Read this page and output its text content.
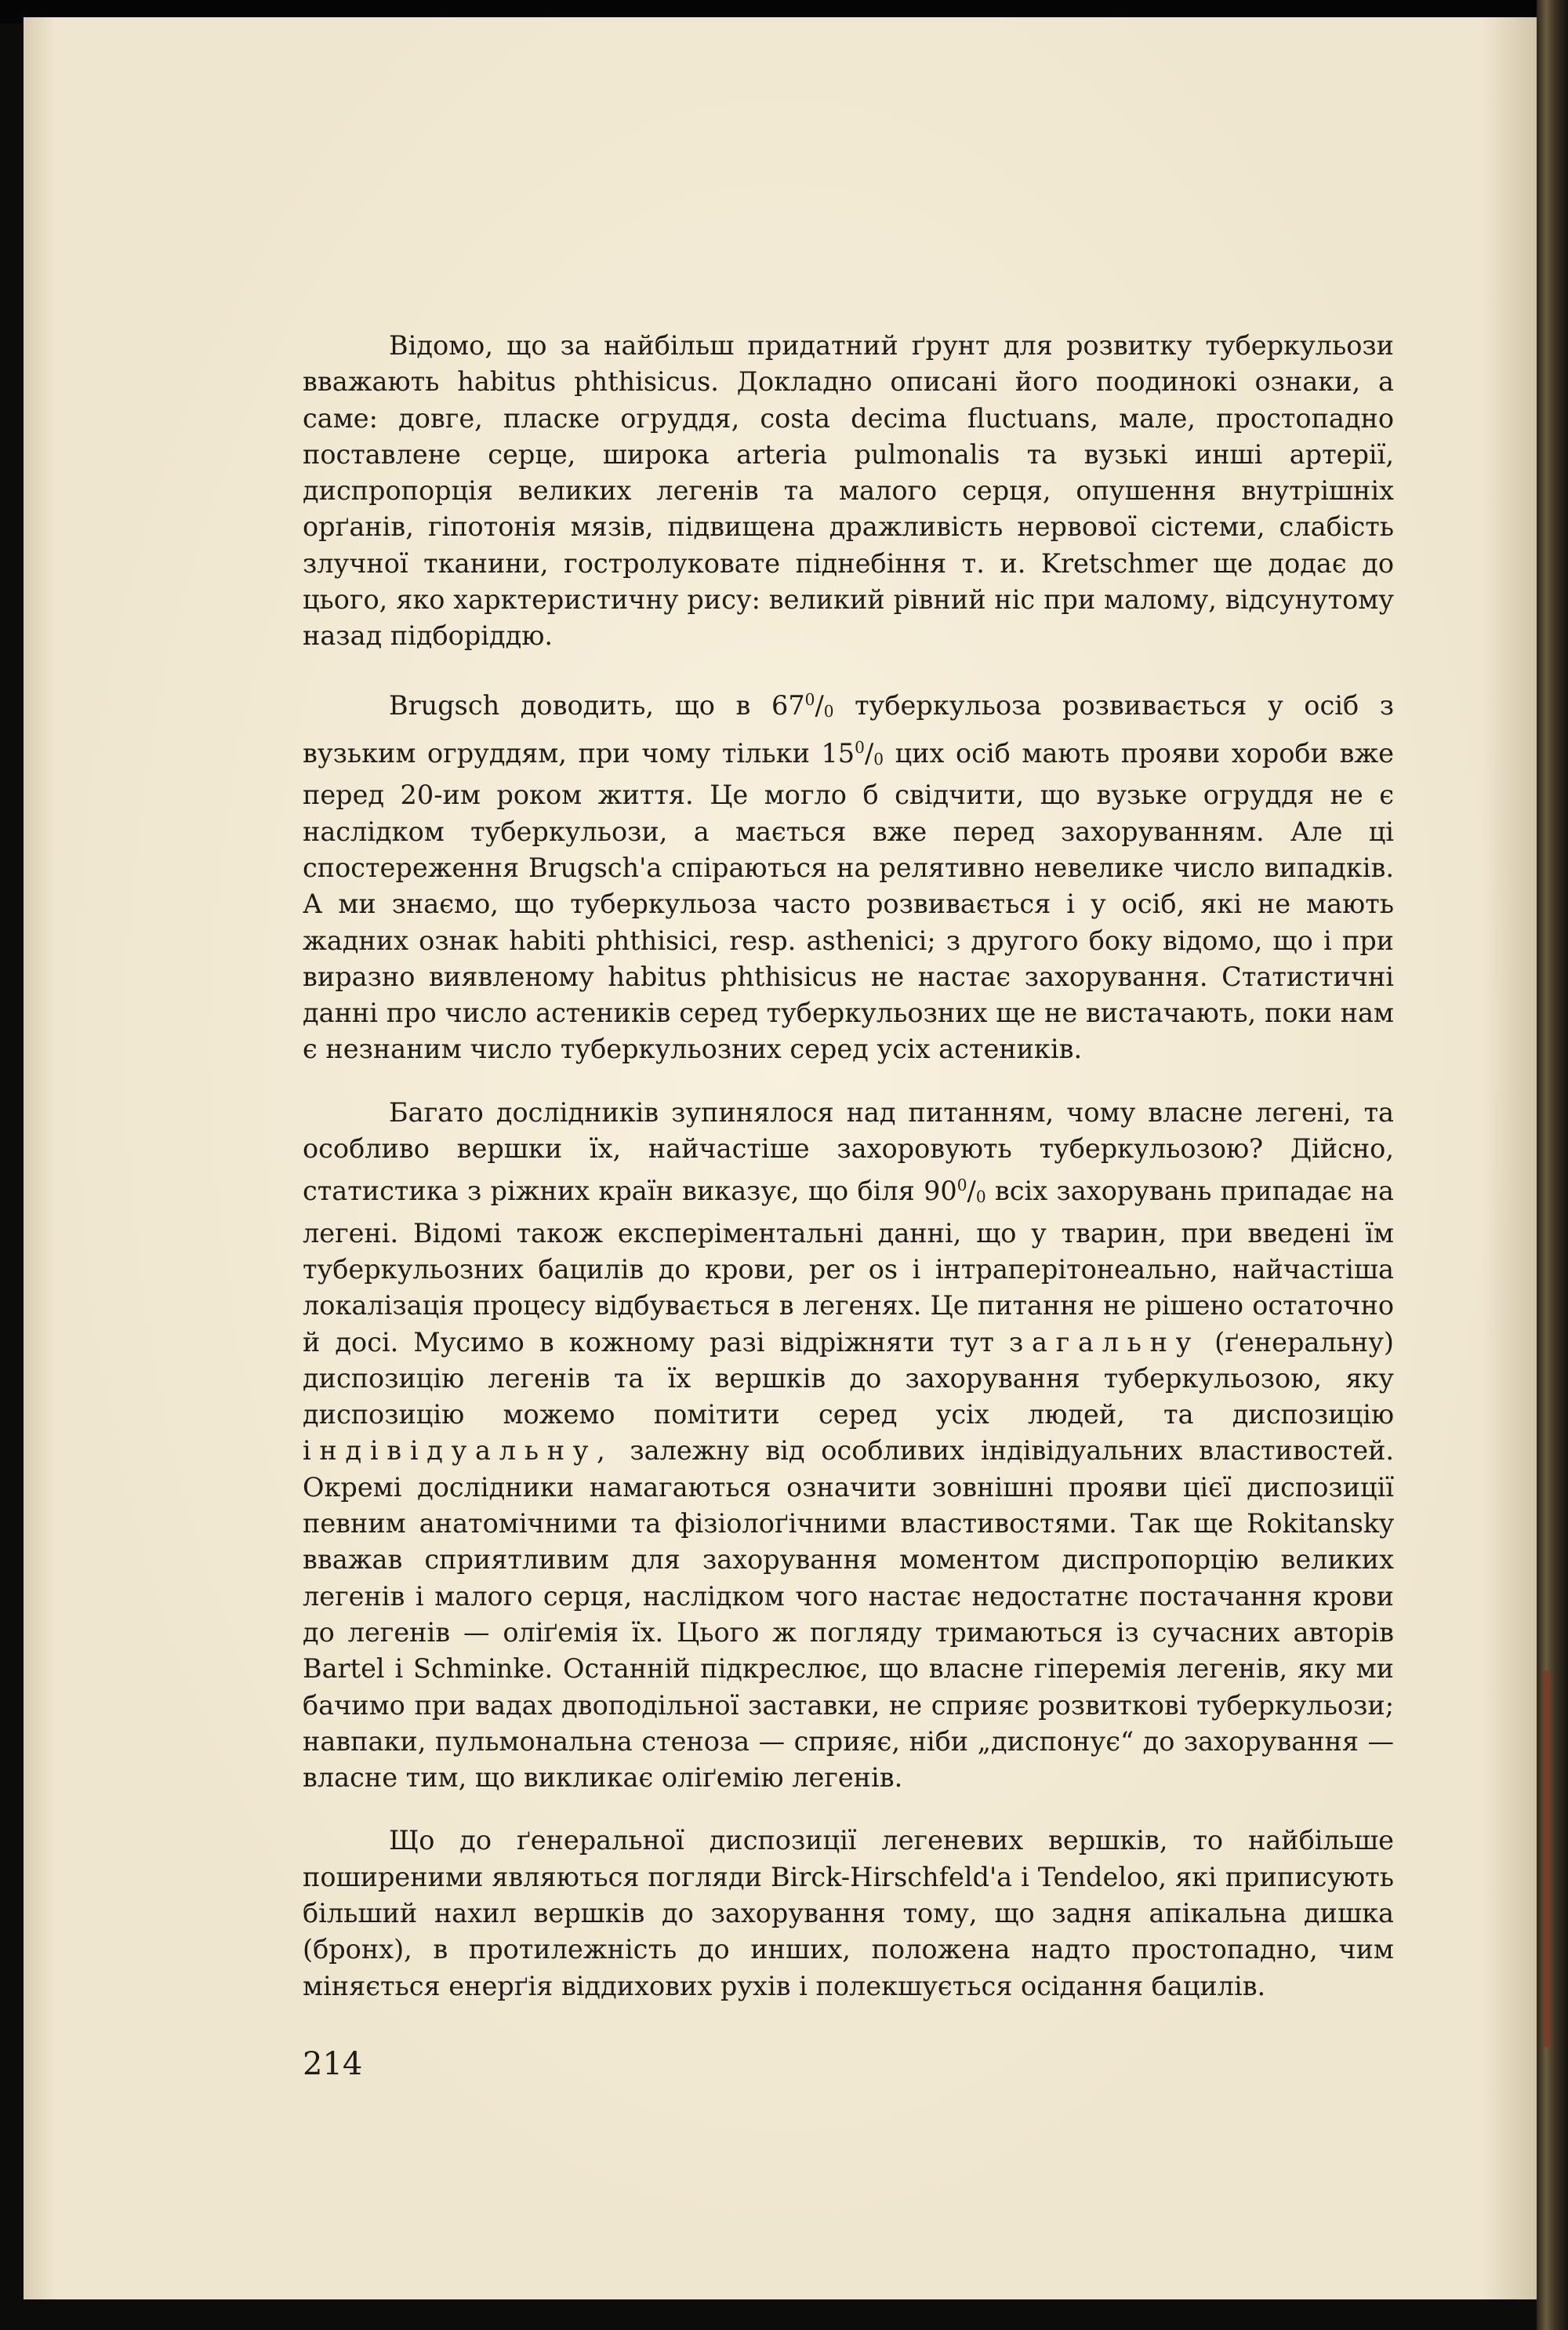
Відомо, що за найбільш придатний ґрунт для розвитку туберкульози вважають habitus phthisicus. Докладно описані його поодинокі ознаки, а саме: довге, пласке огруддя, costa decima fluctuans, мале, простопадно поставлене серце, широка arteria pulmonalis та вузькі инші артерії, диспропорція великих легенів та малого серця, опушення внутрішніх орґанів, гіпотонія мязів, підвищена дражливість нервової сістеми, слабість злучної тканини, гостролуковате піднебіння т. и. Kretschmer ще додає до цього, яко харктеристичну рису: великий рівний ніс при малому, відсунутому назад підборіддю.

Brugsch доводить, що в $67^0/0$ туберкульоза розвивається у осіб з вузьким огруддям, при чому тільки $15^0/0$ цих осіб мають прояви хороби вже перед 20-им роком життя. Це могло б свідчити, що вузьке огруддя не є наслідком туберкульози, а мається вже перед захоруванням. Але ці спостереження Brugsch'а спіраються на релятивно невелике число випадків. А ми знаємо, що туберкульоза часто розвивається і у осіб, які не мають жадних ознак habiti phthisici, resp. asthenici; з другого боку відомо, що і при виразно виявленому habitus phthisicus не настає захорування. Статистичні данні про число астеників серед туберкульозних ще не вистачають, поки нам є незнаним число туберкульозних серед усіх астеників.

Багато дослідників зупинялося над питанням, чому власне легені, та особливо вершки їх, найчастіше захоровують туберкульозою? Дійсно, статистика з ріжних країн виказує, що біля $90^0/0$ всіх захорувань припадає на легені. Відомі також експеріментальні данні, що у тварин, при введені їм туберкульозних бацилів до крови, per os і інтраперітонеально, найчастіша локалізація процесу відбувається в легенях. Це питання не рішено остаточно й досі. Мусимо в кожному разі відріжняти тут загальну (ґенеральну) диспозицію легенів та їх вершків до захорування туберкульозою, яку диспозицію можемо помітити серед усіх людей, та диспозицію індівідуальну, залежну від особливих індівідуальних властивостей. Окремі дослідники намагаються означити зовнішні прояви цієї диспозиції певним анатомічними та фізіолоґічними властивостями. Так ще Rokitansky вважав сприятливим для захорування моментом диспропорцію великих легенів і малого серця, наслідком чого настає недостатнє постачання крови до легенів — оліґемія їх. Цього ж погляду тримаються із сучасних авторів Bartel і Schminke. Останній підкреслює, що власне гіперемія легенів, яку ми бачимо при вадах двоподільної заставки, не сприяє розвиткові туберкульози; навпаки, пульмональна стеноза — сприяє, ніби „диспонує“ до захорування — власне тим, що викликає оліґемію легенів.

Що до ґенеральної диспозиції легеневих вершків, то найбільше поширеними являються погляди Birck-Hirschfeld'а і Tendeloo, які приписують більший нахил вершків до захорування тому, що задня апікальна дишка (бронх), в протилежність до инших, положена надто простопадно, чим міняється енерґія віддихових рухів і полекшується осідання бацилів.

214
